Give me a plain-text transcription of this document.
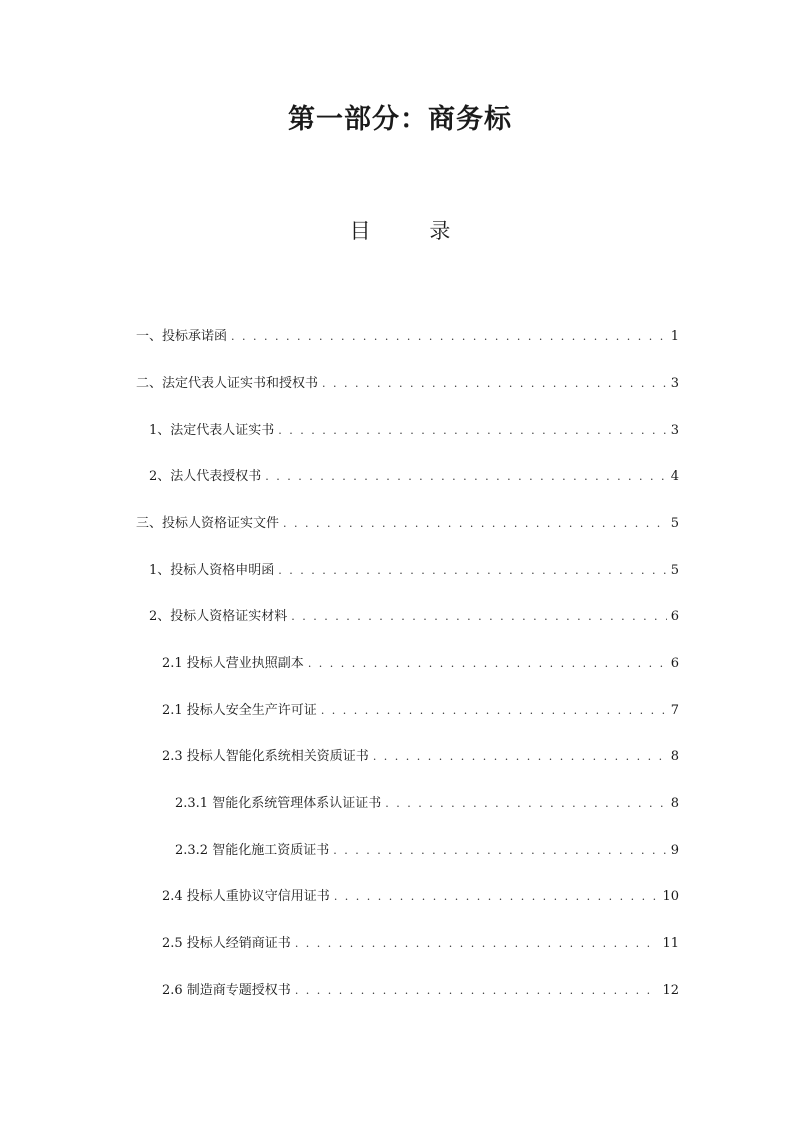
第一部分：商务标
目 录
一、投标承诺函 . . .	1
二、法定代表人证实书和授权书 . . .	3
1、法定代表人证实书 . . .	3
2、法人代表授权书 . . .	4
三、投标人资格证实文件 . . .	5
1、投标人资格申明函 . . .	5
2、投标人资格证实材料 . . .	6
2.1 投标人营业执照副本 . . .	6
2.1 投标人安全生产许可证 . . .	7
2.3 投标人智能化系统相关资质证书 . . .	8
2.3.1 智能化系统管理体系认证证书 . . .	8
2.3.2 智能化施工资质证书 . . .	9
2.4 投标人重协议守信用证书 . . .	10
2.5 投标人经销商证书 . . .	11
2.6 制造商专题授权书 . . .	12
